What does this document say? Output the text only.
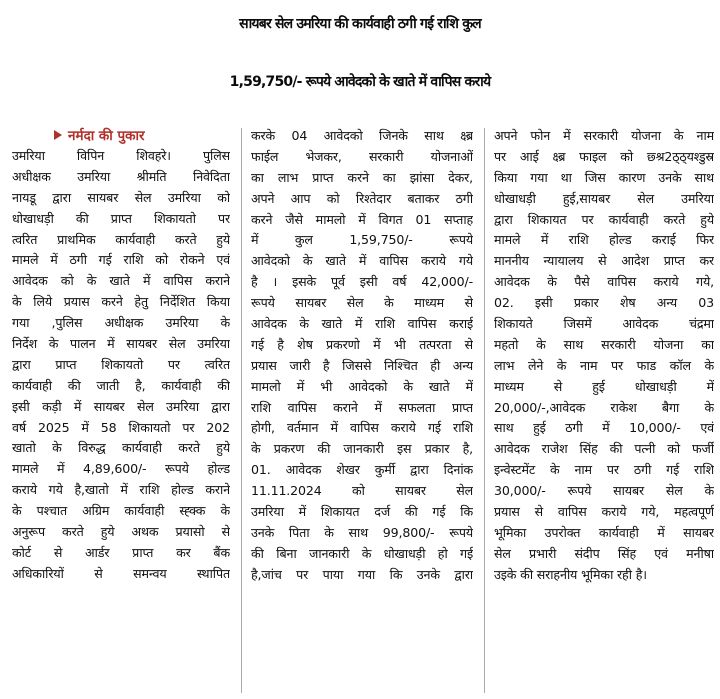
सायबर सेल उमरिया की कार्यवाही ठगी गई राशि कुल
1,59,750/- रूपये आवेदको के खाते में वापिस कराये
नर्मदा की पुकार
उमरिया विपिन शिवहरे। पुलिस
अधीक्षक उमरिया श्रीमति निवेदिता
नायडू द्वारा सायबर सेल उमरिया को
धोखाधड़ी की प्राप्त शिकायतो पर
त्वरित प्राथमिक कार्यवाही करते हुये
मामले में ठगी गई राशि को रोकने एवं
आवेदक को के खाते में वापिस कराने
के लिये प्रयास करने हेतु निर्देशित किया
गया ,पुलिस अधीक्षक उमरिया के
निर्देश के पालन में सायबर सेल उमरिया
द्वारा प्राप्त शिकायतो पर त्वरित
कार्यवाही की जाती है, कार्यवाही की
इसी कड़ी में सायबर सेल उमरिया द्वारा
वर्ष 2025 में 58 शिकायतो पर 202
खातो के विरुद्ध कार्यवाही करते हुये
मामले में 4,89,600/- रूपये होल्ड
कराये गये है,खातो में राशि होल्ड कराने
के पश्चात अग्रिम कार्यवाही स्ह्क्क के
अनुरूप करते हुये अथक प्रयासो से
कोर्ट से आर्डर प्राप्त कर बैंक
अधिकारियों से समन्वय स्थापित
करके 04 आवेदको जिनके साथ क्ष्ब्र
फाईल भेजकर, सरकारी योजनाओं
का लाभ प्राप्त करने का झांसा देकर,
अपने आप को रिश्तेदार बताकर ठगी
करने जैसे मामलो में विगत 01 सप्ताह
में कुल 1,59,750/- रूपये
आवेदको के खाते में वापिस कराये गये
है । इसके पूर्व इसी वर्ष 42,000/-
रूपये सायबर सेल के माध्यम से
आवेदक के खाते में राशि वापिस कराई
गई है शेष प्रकरणो में भी तत्परता से
प्रयास जारी है जिससे निश्चित ही अन्य
मामलो में भी आवेदको के खाते में
राशि वापिस कराने में सफलता प्राप्त
होगी, वर्तमान में वापिस कराये गई राशि
के प्रकरण की जानकारी इस प्रकार है,
01. आवेदक शेखर कुर्मी द्वारा दिनांक
11.11.2024 को सायबर सेल
उमरिया में शिकायत दर्ज की गई कि
उनके पिता के साथ 99,800/- रूपये
की बिना जानकारी के धोखाधड़ी हो गई
है,जांच पर पाया गया कि उनके द्वारा
अपने फोन में सरकारी योजना के नाम
पर आई क्ष्ब्र फाइल को छ्श्र2ठ्ठ्यश्डुस्र
किया गया था जिस कारण उनके साथ
धोखाधड़ी हुई,सायबर सेल उमरिया
द्वारा शिकायत पर कार्यवाही करते हुये
मामले में राशि होल्ड कराई फिर
माननीय न्यायालय से आदेश प्राप्त कर
आवेदक के पैसे वापिस कराये गये,
02. इसी प्रकार शेष अन्य 03
शिकायते जिसमें आवेदक चंद्रमा
महतो के साथ सरकारी योजना का
लाभ लेने के नाम पर फाड कॉल के
माध्यम से हुई धोखाधड़ी में
20,000/-,आवेदक राकेश बैगा के
साथ हुई ठगी में 10,000/- एवं
आवेदक राजेश सिंह की पत्नी को फर्जी
इन्वेस्टमेंट के नाम पर ठगी गई राशि
30,000/- रूपये सायबर सेल के
प्रयास से वापिस कराये गये, महत्वपूर्ण
भूमिका उपरोक्त कार्यवाही में सायबर
सेल प्रभारी संदीप सिंह एवं मनीषा
उइके की सराहनीय भूमिका रही है।
